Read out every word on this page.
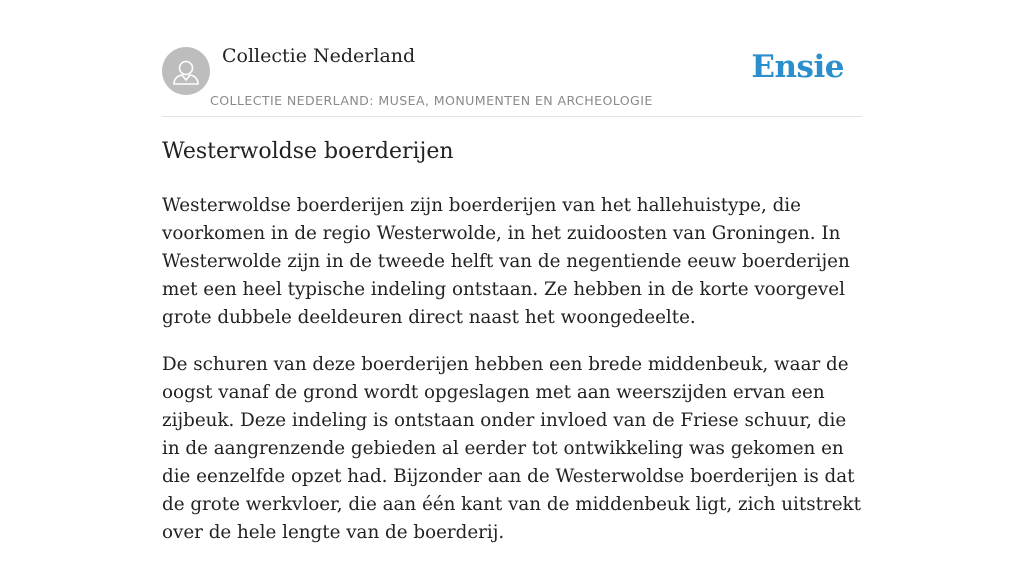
Collectie Nederland
COLLECTIE NEDERLAND: MUSEA, MONUMENTEN EN ARCHEOLOGIE
Ensie
Westerwoldse boerderijen

Westerwoldse boerderijen zijn boerderijen van het hallehuistype, die voorkomen in de regio Westerwolde, in het zuidoosten van Groningen. In Westerwolde zijn in de tweede helft van de negentiende eeuw boerderijen met een heel typische indeling ontstaan. Ze hebben in de korte voorgevel grote dubbele deeldeuren direct naast het woongedeelte.

De schuren van deze boerderijen hebben een brede middenbeuk, waar de oogst vanaf de grond wordt opgeslagen met aan weerszijden ervan een zijbeuk. Deze indeling is ontstaan onder invloed van de Friese schuur, die in de aangrenzende gebieden al eerder tot ontwikkeling was gekomen en die eenzelfde opzet had. Bijzonder aan de Westerwoldse boerderijen is dat de grote werkvloer, die aan één kant van de middenbeuk ligt, zich uitstrekt over de hele lengte van de boerderij.
